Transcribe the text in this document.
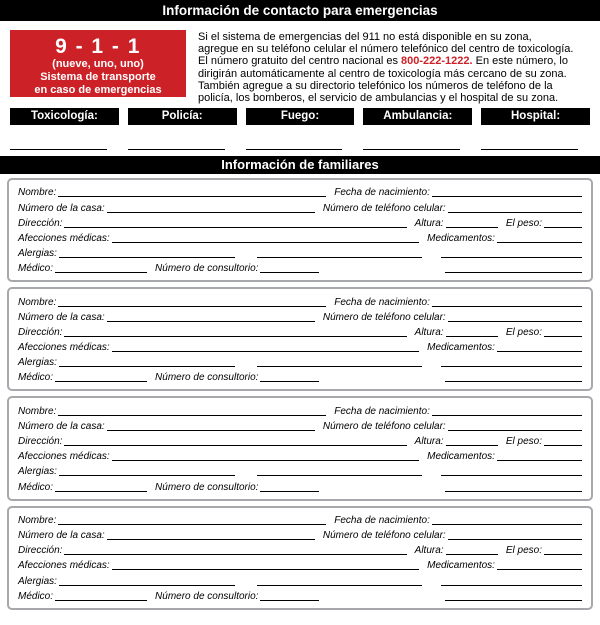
Información de contacto para emergencias
9 - 1 - 1
(nueve, uno, uno)
Sistema de transporte
en caso de emergencias
Si el sistema de emergencias del 911 no está disponible en su zona,
agregue en su teléfono celular el número telefónico del centro de toxicología.
El número gratuito del centro nacional es 800-222-1222. En este número, lo
dirigirán automáticamente al centro de toxicología más cercano de su zona.
También agregue a su directorio telefónico los números de teléfono de la
policía, los bomberos, el servicio de ambulancias y el hospital de su zona.
Toxicología:	Policía:	Fuego:	Ambulancia:	Hospital:
Información de familiares
Nombre:	Fecha de nacimiento:
Número de la casa:	Número de teléfono celular:
Dirección:	Altura:	El peso:
Afecciones médicas:	Medicamentos:
Alergias:
Médico:	Número de consultorio:
Nombre:	Fecha de nacimiento:
Número de la casa:	Número de teléfono celular:
Dirección:	Altura:	El peso:
Afecciones médicas:	Medicamentos:
Alergias:
Médico:	Número de consultorio:
Nombre:	Fecha de nacimiento:
Número de la casa:	Número de teléfono celular:
Dirección:	Altura:	El peso:
Afecciones médicas:	Medicamentos:
Alergias:
Médico:	Número de consultorio:
Nombre:	Fecha de nacimiento:
Número de la casa:	Número de teléfono celular:
Dirección:	Altura:	El peso:
Afecciones médicas:	Medicamentos:
Alergias:
Médico:	Número de consultorio:
